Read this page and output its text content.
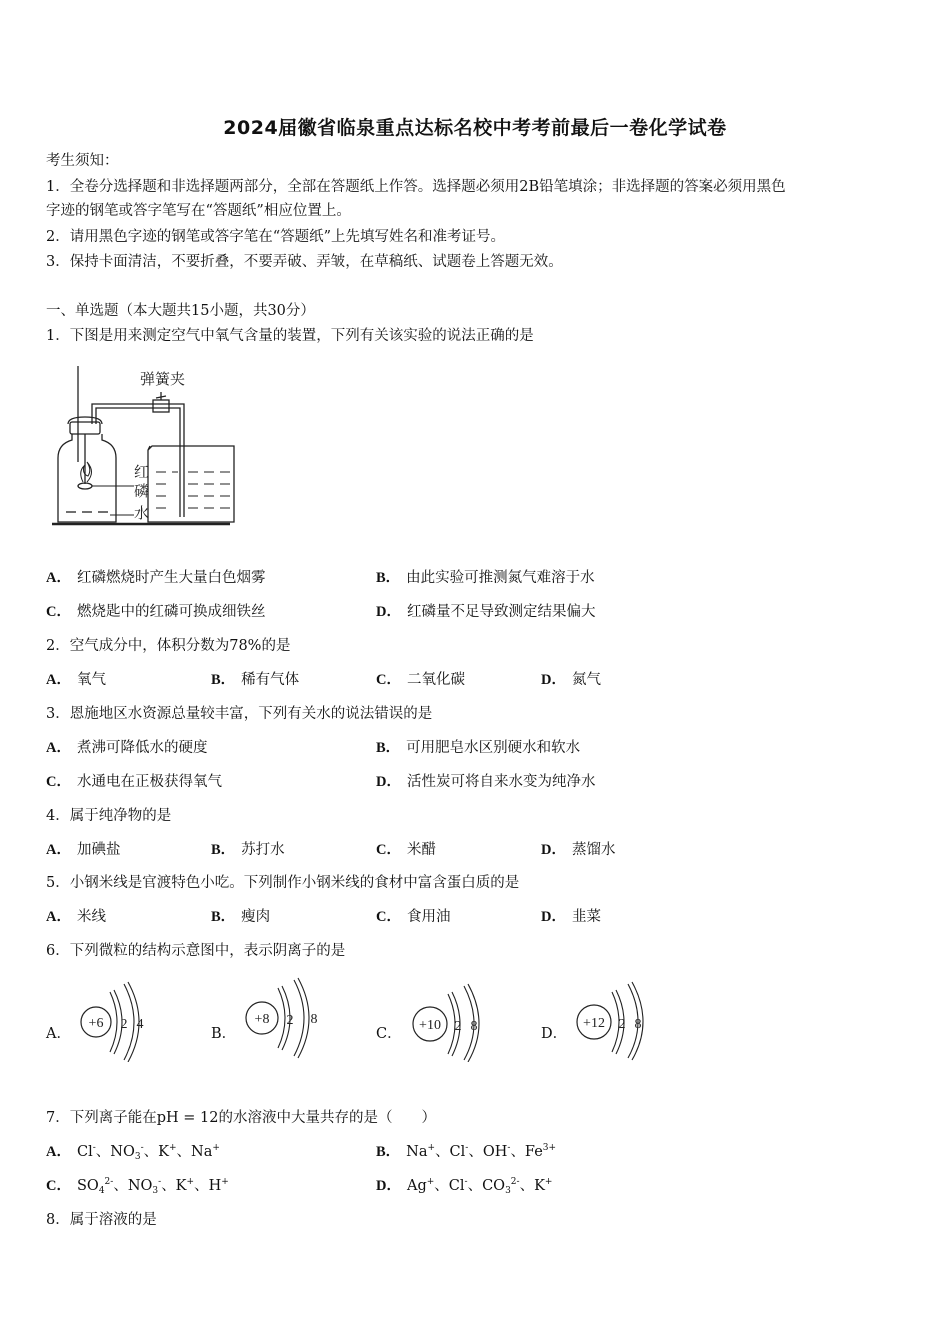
2024届徽省临泉重点达标名校中考考前最后一卷化学试卷
考生须知：
1．全卷分选择题和非选择题两部分，全部在答题纸上作答。选择题必须用2B铅笔填涂；非选择题的答案必须用黑色
字迹的钢笔或答字笔写在“答题纸”相应位置上。
2．请用黑色字迹的钢笔或答字笔在“答题纸”上先填写姓名和准考证号。
3．保持卡面清洁，不要折叠，不要弄破、弄皱，在草稿纸、试题卷上答题无效。
一、单选题（本大题共15小题，共30分）
1．下图是用来测定空气中氧气含量的装置，下列有关该实验的说法正确的是
弹簧夹
红
磷
水
A． 红磷燃烧时产生大量白色烟雾	B． 由此实验可推测氮气难溶于水
C． 燃烧匙中的红磷可换成细铁丝	D． 红磷量不足导致测定结果偏大
2．空气成分中，体积分数为78%的是
A． 氧气	B． 稀有气体	C． 二氧化碳	D． 氮气
3．恩施地区水资源总量较丰富，下列有关水的说法错误的是
A． 煮沸可降低水的硬度	B． 可用肥皂水区别硬水和软水
C． 水通电在正极获得氧气	D． 活性炭可将自来水变为纯净水
4．属于纯净物的是
A． 加碘盐	B． 苏打水	C． 米醋	D． 蒸馏水
5．小钢米线是官渡特色小吃。下列制作小钢米线的食材中富含蛋白质的是
A． 米线	B． 瘦肉	C． 食用油	D． 韭菜
6．下列微粒的结构示意图中，表示阴离子的是
A．
+6 2 4
B．
+8 2 8
C．
+10 2 8	D．
+12 2 8
7．下列离子能在pH = 12的水溶液中大量共存的是（　　）
A． Cl-、$NO_3^-$、K+、Na+	B． Na+、Cl-、OH-、$Fe^{3+}$
C． $SO_4^{2-}$、$NO_3^-$、K+、H+	D． Ag+、Cl-、$CO_3^{2-}$、K+
8．属于溶液的是
